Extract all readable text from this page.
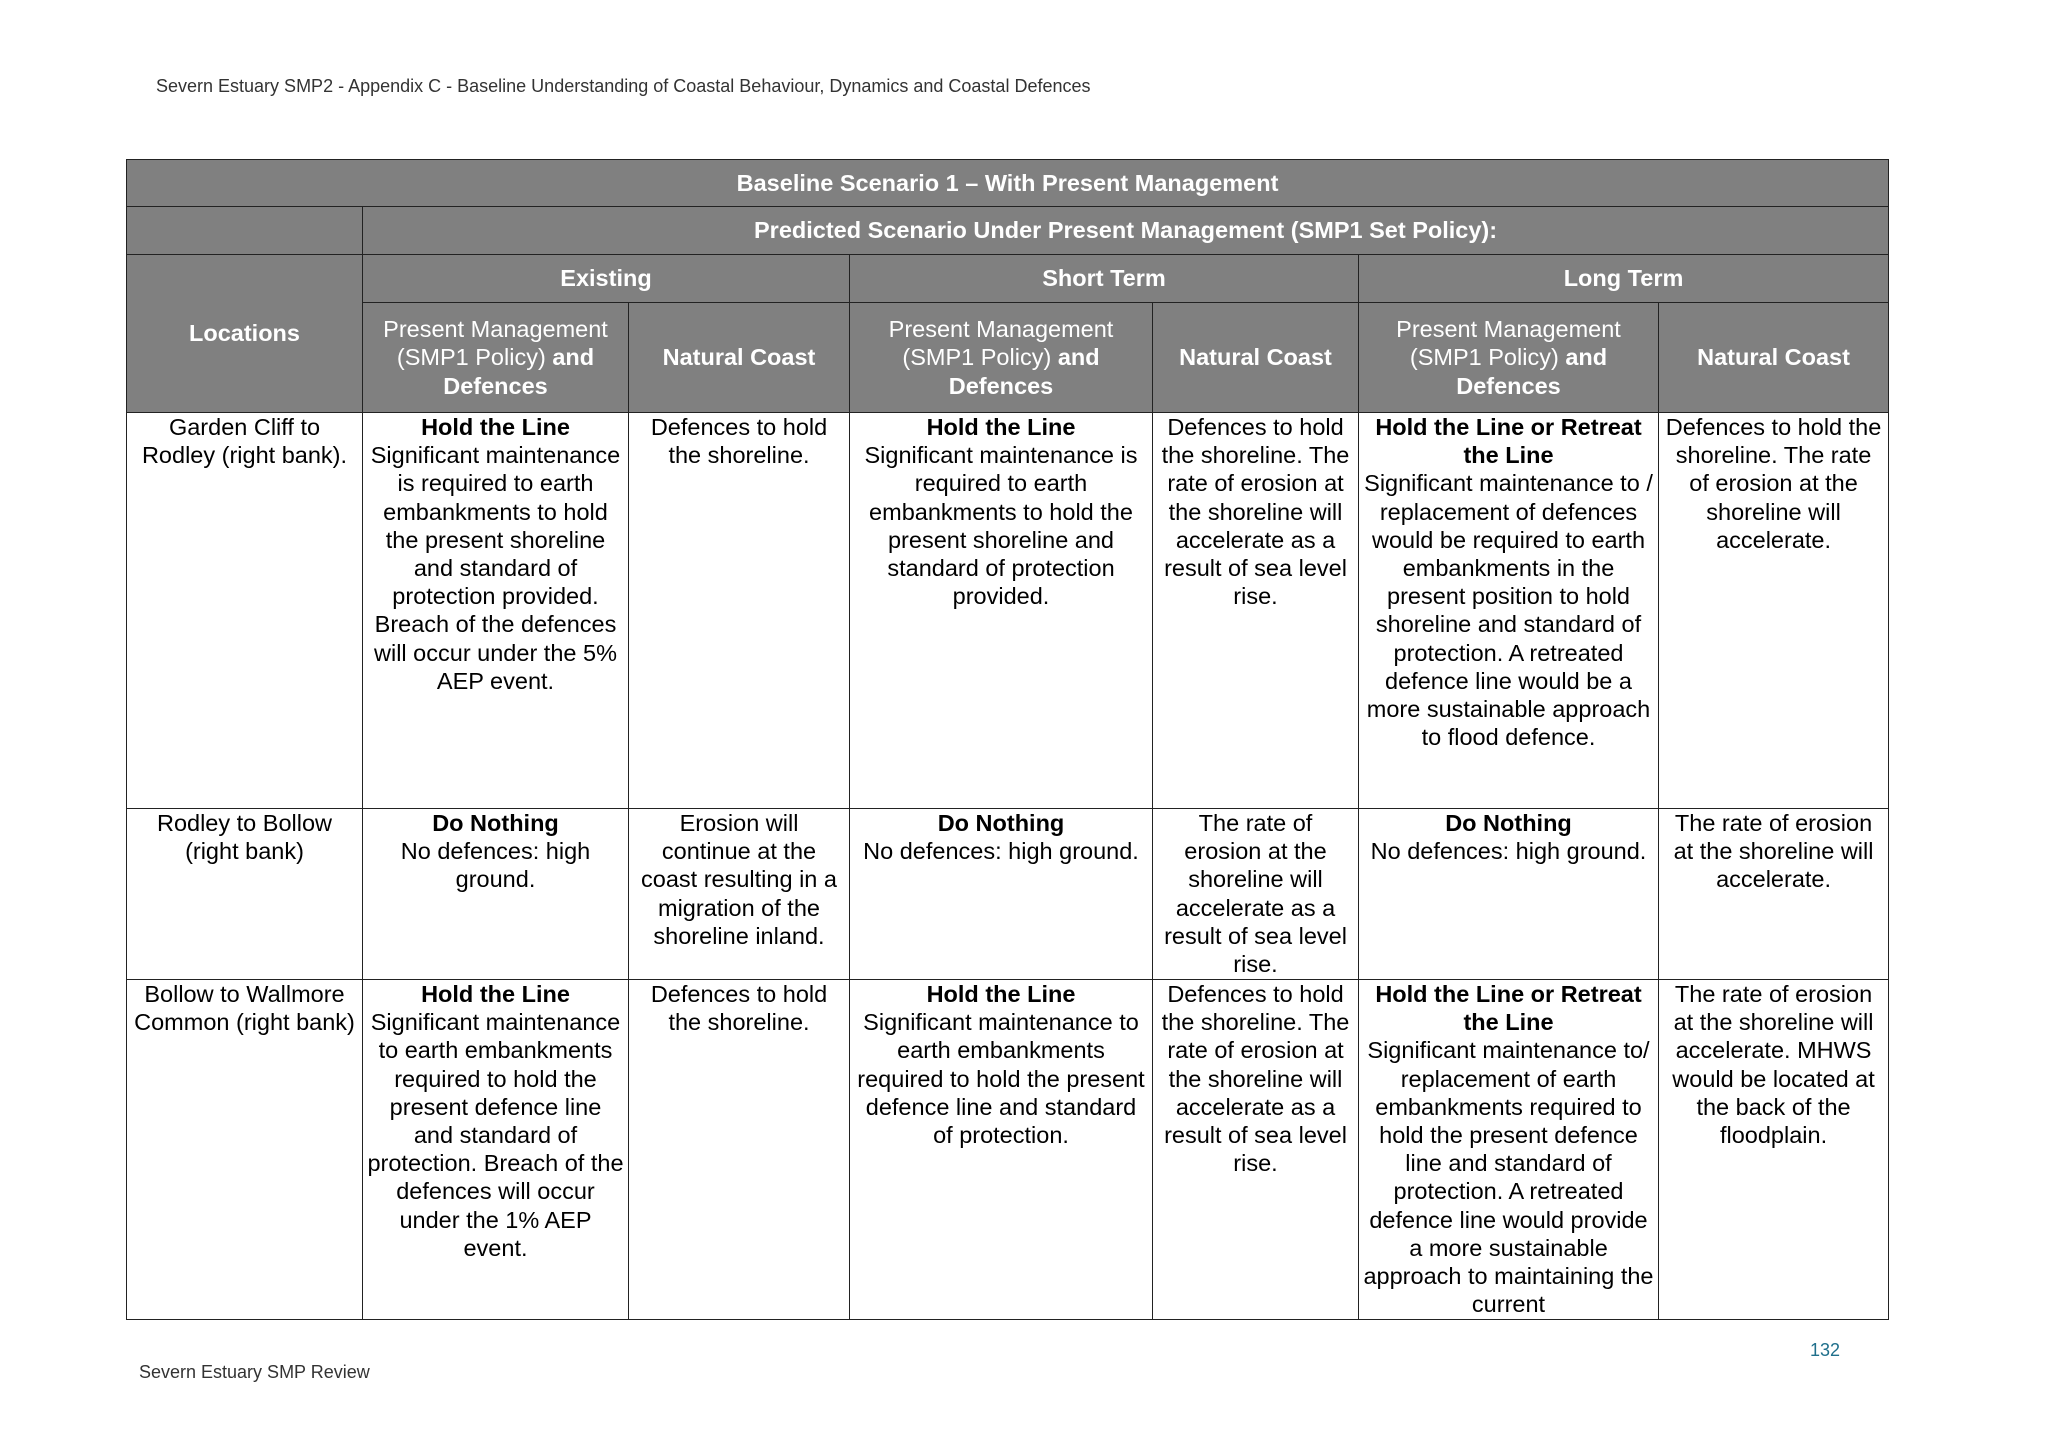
Severn Estuary SMP2 - Appendix C - Baseline Understanding of Coastal Behaviour, Dynamics and Coastal Defences
Baseline Scenario 1 – With Present Management						
	Predicted Scenario Under Present Management (SMP1 Set Policy):					
Locations	Existing		Short Term		Long Term	
	Present Management
(SMP1 Policy) and
Defences	Natural Coast	Present Management
(SMP1 Policy) and
Defences	Natural Coast	Present Management
(SMP1 Policy) and
Defences	Natural Coast
Garden Cliff to Rodley (right bank).	Hold the Line
Significant maintenance is required to earth embankments to hold the present shoreline and standard of protection provided. Breach of the defences will occur under the 5% AEP event.	Defences to hold the shoreline.	Hold the Line
Significant maintenance is required to earth embankments to hold the present shoreline and standard of protection provided.	Defences to hold the shoreline. The rate of erosion at the shoreline will accelerate as a result of sea level rise.	Hold the Line or Retreat the Line
Significant maintenance to / replacement of defences would be required to earth embankments in the present position to hold shoreline and standard of protection. A retreated defence line would be a more sustainable approach to flood defence.	Defences to hold the shoreline. The rate of erosion at the shoreline will accelerate.

Rodley to Bollow (right bank)	Do Nothing
No defences: high ground.	Erosion will continue at the coast resulting in a migration of the shoreline inland.	Do Nothing
No defences: high ground.	The rate of erosion at the shoreline will accelerate as a result of sea level rise.	Do Nothing
No defences: high ground.	The rate of erosion at the shoreline will accelerate.

Bollow to Wallmore Common (right bank)	Hold the Line
Significant maintenance to earth embankments required to hold the present defence line and standard of protection. Breach of the defences will occur under the 1% AEP event.	Defences to hold the shoreline.	Hold the Line
Significant maintenance to earth embankments required to hold the present defence line and standard of protection.	Defences to hold the shoreline. The rate of erosion at the shoreline will accelerate as a result of sea level rise.	Hold the Line or Retreat the Line
Significant maintenance to/ replacement of earth embankments required to hold the present defence line and standard of protection. A retreated defence line would provide a more sustainable approach to maintaining the current	The rate of erosion at the shoreline will accelerate. MHWS would be located at the back of the floodplain.
132
Severn Estuary SMP Review
